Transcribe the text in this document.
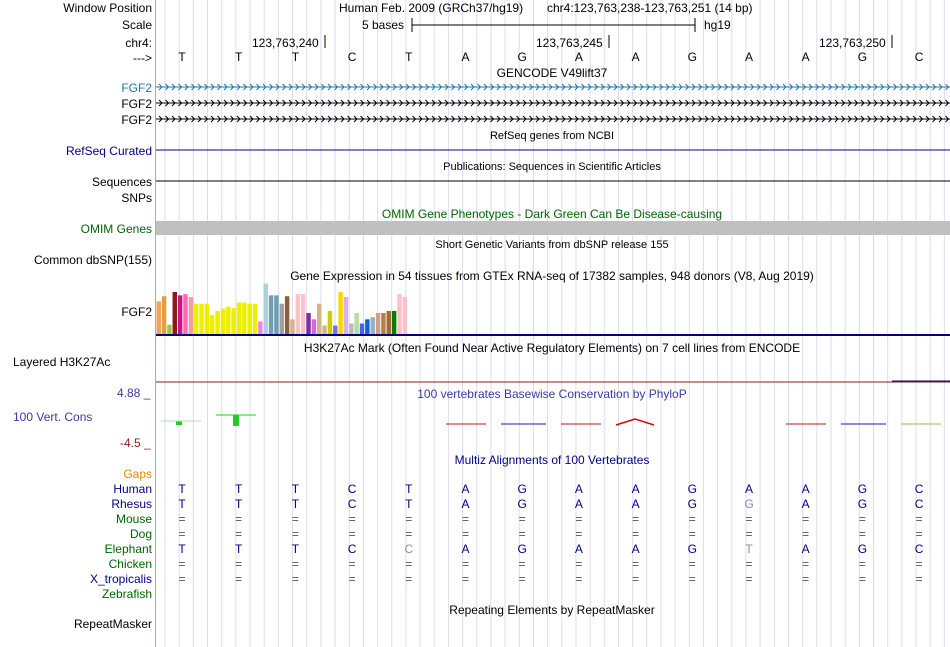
Window Position
Scale
chr4:
--->
Human Feb. 2009 (GRCh37/hg19) chr4:123,763,238-123,763,251 (14 bp)
5 bases	hg19
123,763,240	123,763,245	123,763,250
T	T	T	C	T	A	G	A	A	G	A	A	G	C
GENCODE V49lift37
FGF2
FGF2
FGF2
RefSeq genes from NCBI
RefSeq Curated
Publications: Sequences in Scientific Articles
Sequences
SNPs
OMIM Gene Phenotypes - Dark Green Can Be Disease-causing
OMIM Genes
Short Genetic Variants from dbSNP release 155
Common dbSNP(155)
Gene Expression in 54 tissues from GTEx RNA-seq of 17382 samples, 948 donors (V8, Aug 2019)
FGF2
H3K27Ac Mark (Often Found Near Active Regulatory Elements) on 7 cell lines from ENCODE
Layered H3K27Ac
100 vertebrates Basewise Conservation by PhyloP
4.88 _
100 Vert. Cons
-4.5 _
Multiz Alignments of 100 Vertebrates
Gaps
Human	T	T	T	C	T	A	G	A	A	G	A	A	G	C
Rhesus	T	T	T	C	T	A	G	A	A	G	G	A	G	C
Mouse	=	=	=	=	=	=	=	=	=	=	=	=	=	=
Dog	=	=	=	=	=	=	=	=	=	=	=	=	=	=
Elephant	T	T	T	C	C	A	G	A	A	G	T	A	G	C
Chicken	=	=	=	=	=	=	=	=	=	=	=	=	=	=
X_tropicalis	=	=	=	=	=	=	=	=	=	=	=	=	=	=
Zebrafish
Repeating Elements by RepeatMasker
RepeatMasker
